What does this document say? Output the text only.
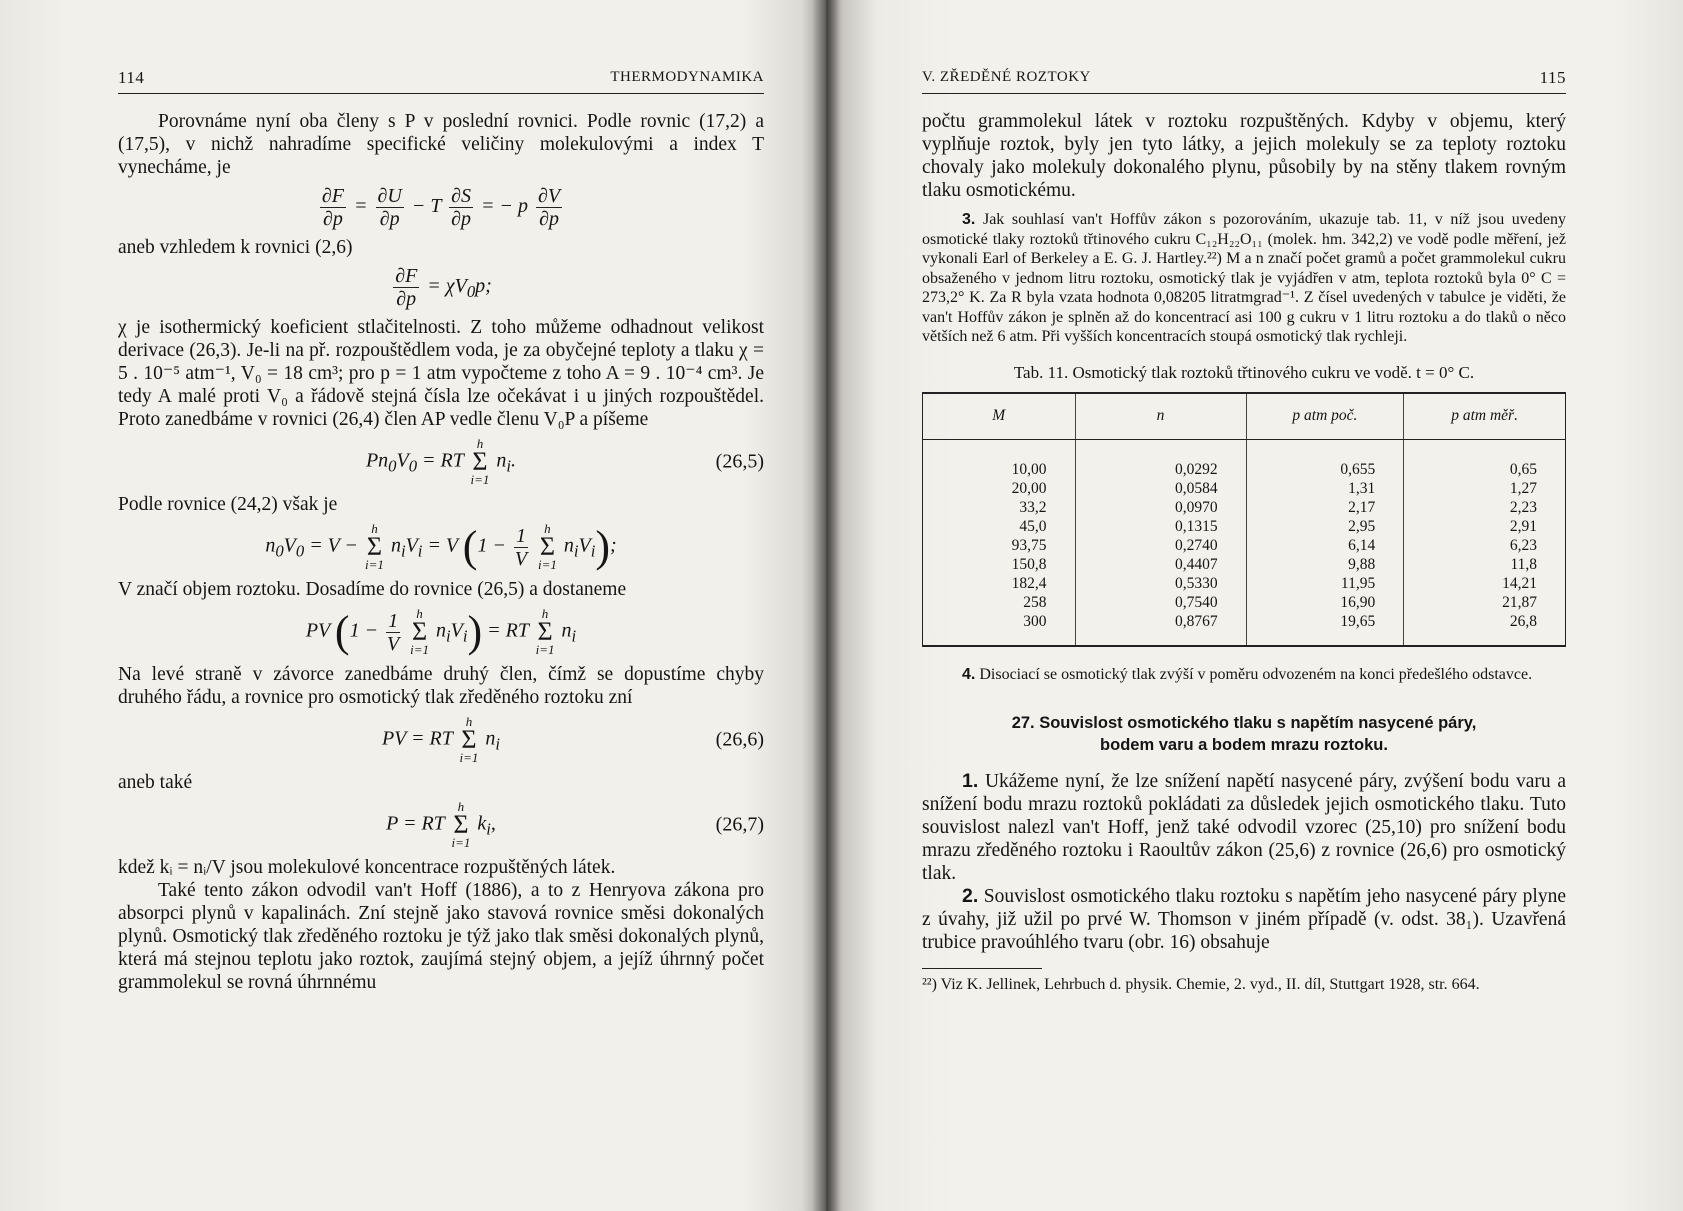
114	THERMODYNAMIKA

Porovnáme nyní oba členy s P v poslední rovnici. Podle rovnic (17,2) a (17,5), v nichž nahradíme specifické veličiny molekulovými a index T vynecháme, je

$\frac{\partial F}{\partial p} = \frac{\partial U}{\partial p} - T \frac{\partial S}{\partial p}$ = − p $\frac{\partial V}{\partial p}$

aneb vzhledem k rovnici (2,6)

$\frac{\partial F}{\partial p} = \chi V_0p$;

χ je isothermický koeficient stlačitelnosti. Z toho můžeme odhadnout velikost derivace (26,3). Je-li na př. rozpouštědlem voda, je za obyčejné teploty a tlaku χ = 5 . 10⁻⁵ atm⁻¹, V₀ = 18 cm³; pro p = 1 atm vypočteme z toho A = 9 . 10⁻⁴ cm³. Je tedy A malé proti V₀ a řádově stejná čísla lze očekávat i u jiných rozpouštědel. Proto zanedbáme v rovnici (26,4) člen AP vedle členu V₀P a píšeme

$Pn_0V_0$ = RT
h
Σ
i=1
$n_i$.	(26,5)

Podle rovnice (24,2) však je

$n_0V_0 = V$ −
h
Σ
i=1
$n_iV_i = V$ ($1 - \frac{1}{V}$
h
Σ
i=1
$n_iV_i$);

V značí objem roztoku. Dosadíme do rovnice (26,5) a dostaneme

PV ($1 - \frac{1}{V}$
h
Σ
i=1
$n_iV_i$) = RT
h
Σ
i=1
$n_i$

Na levé straně v závorce zanedbáme druhý člen, čímž se dopustíme chyby druhého řádu, a rovnice pro osmotický tlak zředěného roztoku zní

PV = RT
h
Σ
i=1
$n_i$	(26,6)

aneb také

P = RT
h
Σ
i=1
$k_i$,	(26,7)

kdež kᵢ = nᵢ/V jsou molekulové koncentrace rozpuštěných látek.

Také tento zákon odvodil van't Hoff (1886), a to z Henryova zákona pro absorpci plynů v kapalinách. Zní stejně jako stavová rovnice směsi dokonalých plynů. Osmotický tlak zředěného roztoku je týž jako tlak směsi dokonalých plynů, která má stejnou teplotu jako roztok, zaujímá stejný objem, a jejíž úhrnný počet grammolekul se rovná úhrnnému

V. ZŘEDĚNÉ ROZTOKY	115

počtu grammolekul látek v roztoku rozpuštěných. Kdyby v objemu, který vyplňuje roztok, byly jen tyto látky, a jejich molekuly se za teploty roztoku chovaly jako molekuly dokonalého plynu, působily by na stěny tlakem rovným tlaku osmotickému.

3. Jak souhlasí van't Hoffův zákon s pozorováním, ukazuje tab. 11, v níž jsou uvedeny osmotické tlaky roztoků třtinového cukru C₁₂H₂₂O₁₁ (molek. hm. 342,2) ve vodě podle měření, jež vykonali Earl of Berkeley a E. G. J. Hartley.²²) M a n značí počet gramů a počet grammolekul cukru obsaženého v jednom litru roztoku, osmotický tlak je vyjádřen v atm, teplota roztoků byla 0° C = 273,2° K. Za R byla vzata hodnota 0,08205 litratmgrad⁻¹. Z čísel uvedených v tabulce je viděti, že van't Hoffův zákon je splněn až do koncentrací asi 100 g cukru v 1 litru roztoku a do tlaků o něco větších než 6 atm. Při vyšších koncentracích stoupá osmotický tlak rychleji.

Tab. 11. Osmotický tlak roztoků třtinového cukru ve vodě. t = 0° C.
M	n	p atm poč.	p atm měř.
10,00	0,0292	0,655	0,65
20,00	0,0584	1,31	1,27
33,2	0,0970	2,17	2,23
45,0	0,1315	2,95	2,91
93,75	0,2740	6,14	6,23
150,8	0,4407	9,88	11,8
182,4	0,5330	11,95	14,21
258	0,7540	16,90	21,87
300	0,8767	19,65	26,8

4. Disociací se osmotický tlak zvýší v poměru odvozeném na konci předešlého odstavce.

27. Souvislost osmotického tlaku s napětím nasycené páry,
bodem varu a bodem mrazu roztoku.

1. Ukážeme nyní, že lze snížení napětí nasycené páry, zvýšení bodu varu a snížení bodu mrazu roztoků pokládati za důsledek jejich osmotického tlaku. Tuto souvislost nalezl van't Hoff, jenž také odvodil vzorec (25,10) pro snížení bodu mrazu zředěného roztoku i Raoultův zákon (25,6) z rovnice (26,6) pro osmotický tlak.

2. Souvislost osmotického tlaku roztoku s napětím jeho nasycené páry plyne z úvahy, již užil po prvé W. Thomson v jiném případě (v. odst. 38₁). Uzavřená trubice pravoúhlého tvaru (obr. 16) obsahuje

²²) Viz K. Jellinek, Lehrbuch d. physik. Chemie, 2. vyd., II. díl, Stuttgart 1928, str. 664.
